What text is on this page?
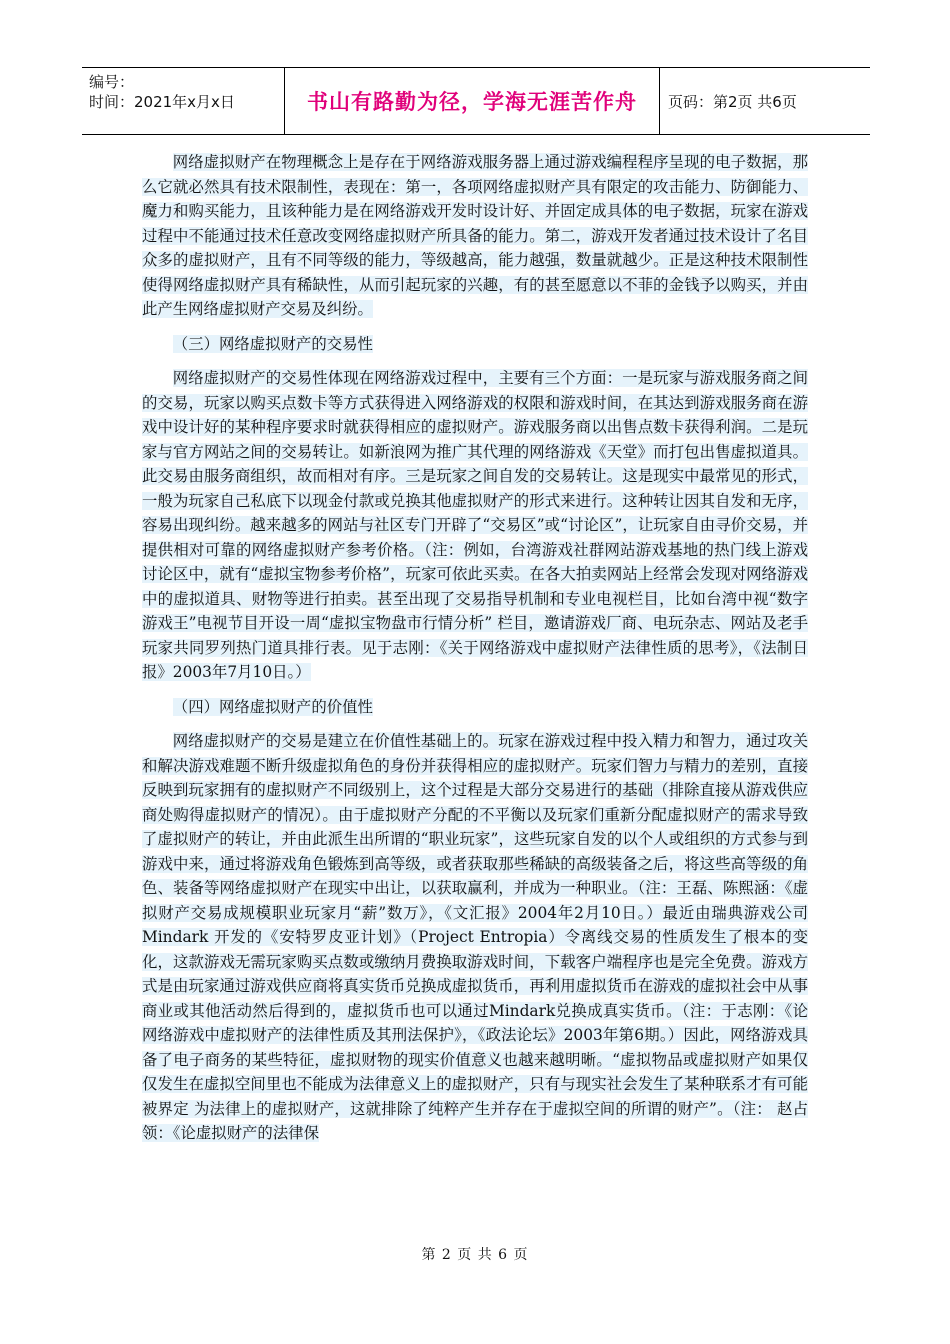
编号：
时间：2021年x月x日	书山有路勤为径，学海无涯苦作舟 页码：第2页 共6页

网络虚拟财产在物理概念上是存在于网络游戏服务器上通过游戏编程程序呈现的电子数据，那么它就必然具有技术限制性，表现在：第一，各项网络虚拟财产具有限定的攻击能力、防御能力、魔力和购买能力，且该种能力是在网络游戏开发时设计好、并固定成具体的电子数据，玩家在游戏过程中不能通过技术任意改变网络虚拟财产所具备的能力。第二，游戏开发者通过技术设计了名目众多的虚拟财产，且有不同等级的能力，等级越高，能力越强，数量就越少。正是这种技术限制性使得网络虚拟财产具有稀缺性，从而引起玩家的兴趣，有的甚至愿意以不菲的金钱予以购买，并由此产生网络虚拟财产交易及纠纷。

（三）网络虚拟财产的交易性

网络虚拟财产的交易性体现在网络游戏过程中，主要有三个方面：一是玩家与游戏服务商之间的交易，玩家以购买点数卡等方式获得进入网络游戏的权限和游戏时间，在其达到游戏服务商在游戏中设计好的某种程序要求时就获得相应的虚拟财产。游戏服务商以出售点数卡获得利润。二是玩家与官方网站之间的交易转让。如新浪网为推广其代理的网络游戏《天堂》而打包出售虚拟道具。此交易由服务商组织，故而相对有序。三是玩家之间自发的交易转让。这是现实中最常见的形式，一般为玩家自己私底下以现金付款或兑换其他虚拟财产的形式来进行。这种转让因其自发和无序，容易出现纠纷。越来越多的网站与社区专门开辟了“交易区”或“讨论区”，让玩家自由寻价交易，并提供相对可靠的网络虚拟财产参考价格。（注：例如，台湾游戏社群网站游戏基地的热门线上游戏讨论区中，就有“虚拟宝物参考价格”，玩家可依此买卖。在各大拍卖网站上经常会发现对网络游戏中的虚拟道具、财物等进行拍卖。甚至出现了交易指导机制和专业电视栏目，比如台湾中视“数字游戏王”电视节目开设一周“虚拟宝物盘市行情分析” 栏目，邀请游戏厂商、电玩杂志、网站及老手玩家共同罗列热门道具排行表。见于志刚：《关于网络游戏中虚拟财产法律性质的思考》，《法制日报》2003年7月10日。）

（四）网络虚拟财产的价值性

网络虚拟财产的交易是建立在价值性基础上的。玩家在游戏过程中投入精力和智力，通过攻关和解决游戏难题不断升级虚拟角色的身份并获得相应的虚拟财产。玩家们智力与精力的差别，直接反映到玩家拥有的虚拟财产不同级别上，这个过程是大部分交易进行的基础（排除直接从游戏供应商处购得虚拟财产的情况）。由于虚拟财产分配的不平衡以及玩家们重新分配虚拟财产的需求导致了虚拟财产的转让，并由此派生出所谓的“职业玩家”，这些玩家自发的以个人或组织的方式参与到游戏中来，通过将游戏角色锻炼到高等级，或者获取那些稀缺的高级装备之后，将这些高等级的角色、装备等网络虚拟财产在现实中出让，以获取赢利，并成为一种职业。（注：王磊、陈熙涵：《虚拟财产交易成规模职业玩家月“薪”数万》，《文汇报》2004年2月10日。）最近由瑞典游戏公司 Mindark 开发的《安特罗皮亚计划》（Project Entropia）令离线交易的性质发生了根本的变化，这款游戏无需玩家购买点数或缴纳月费换取游戏时间，下载客户端程序也是完全免费。游戏方式是由玩家通过游戏供应商将真实货币兑换成虚拟货币，再利用虚拟货币在游戏的虚拟社会中从事商业或其他活动然后得到的，虚拟货币也可以通过Mindark兑换成真实货币。（注：于志刚：《论网络游戏中虚拟财产的法律性质及其刑法保护》，《政法论坛》2003年第6期。）因此，网络游戏具备了电子商务的某些特征，虚拟财物的现实价值意义也越来越明晰。“虚拟物品或虚拟财产如果仅仅发生在虚拟空间里也不能成为法律意义上的虚拟财产，只有与现实社会发生了某种联系才有可能被界定 为法律上的虚拟财产，这就排除了纯粹产生并存在于虚拟空间的所谓的财产”。（注： 赵占领：《论虚拟财产的法律保

第 2 页 共 6 页
